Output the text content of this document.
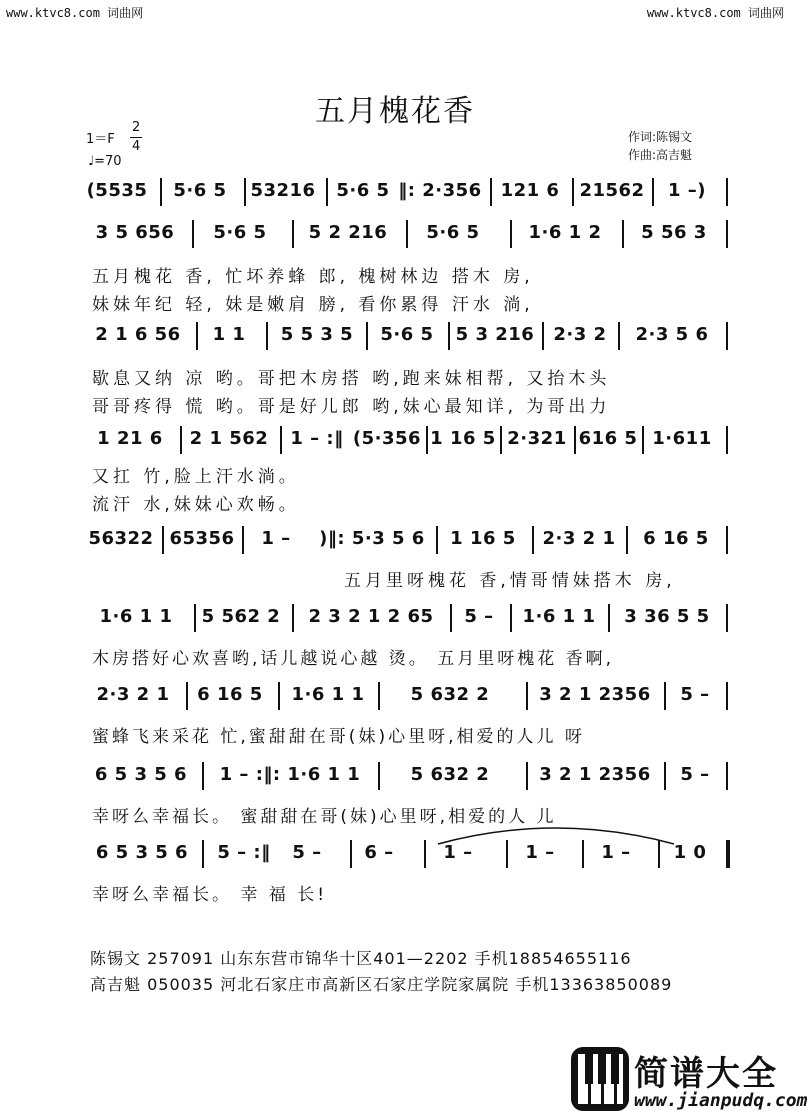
www.ktvc8.com 词曲网	www.ktvc8.com 词曲网
五月槐花香
1＝F
2
4
♩=70
作词:陈锡文
作曲:高吉魁
(5535	5·6 5	53216	5·6 5 ‖: 2·356	121 6	21562	1 –)
3 5 656	5·6 5	5 2 216	5·6 5	1·6 1 2	5 56 3
五月槐花 香, 忙坏养蜂 郎, 槐树林边 搭木 房,
妹妹年纪 轻, 妹是嫩肩 膀, 看你累得 汗水 淌,
2 1 6 56	1 1	5 5 3 5	5·6 5	5 3 216	2·3 2	2·3 5 6
歇息又纳 凉 哟。哥把木房搭 哟,跑来妹相帮, 又抬木头
哥哥疼得 慌 哟。哥是好儿郎 哟,妹心最知详, 为哥出力
1 21 6	2 1 562	1 – :‖ (5·356 1 16 5 2·321 616 5 1·611
又扛 竹,脸上汗水淌。
流汗 水,妹妹心欢畅。
56322 65356	1 –	)‖: 5·3 5 6	1 16 5	2·3 2 1	6 16 5
五月里呀槐花 香,情哥情妹搭木 房,
1·6 1 1	5 562 2	2 3 2 1 2 65	5 –	1·6 1 1	3 36 5 5
木房搭好心欢喜哟,话儿越说心越 烫。 五月里呀槐花 香啊,
2·3 2 1	6 16 5	1·6 1 1	5 632 2	3 2 1 2356	5 –
蜜蜂飞来采花 忙,蜜甜甜在哥(妹)心里呀,相爱的人儿 呀
6 5 3 5 6	1 – :‖: 1·6 1 1	5 632 2	3 2 1 2356	5 –
幸呀么幸福长。 蜜甜甜在哥(妹)心里呀,相爱的人 儿
6 5 3 5 6	5 – :‖	5 –	6 –	1 –	1 –	1 –	1 0
幸呀么幸福长。 幸 福 长!
陈锡文 257091 山东东营市锦华十区401—2202 手机18854655116
高吉魁 050035 河北石家庄市高新区石家庄学院家属院 手机13363850089
简谱大全
www.jianpudq.com
